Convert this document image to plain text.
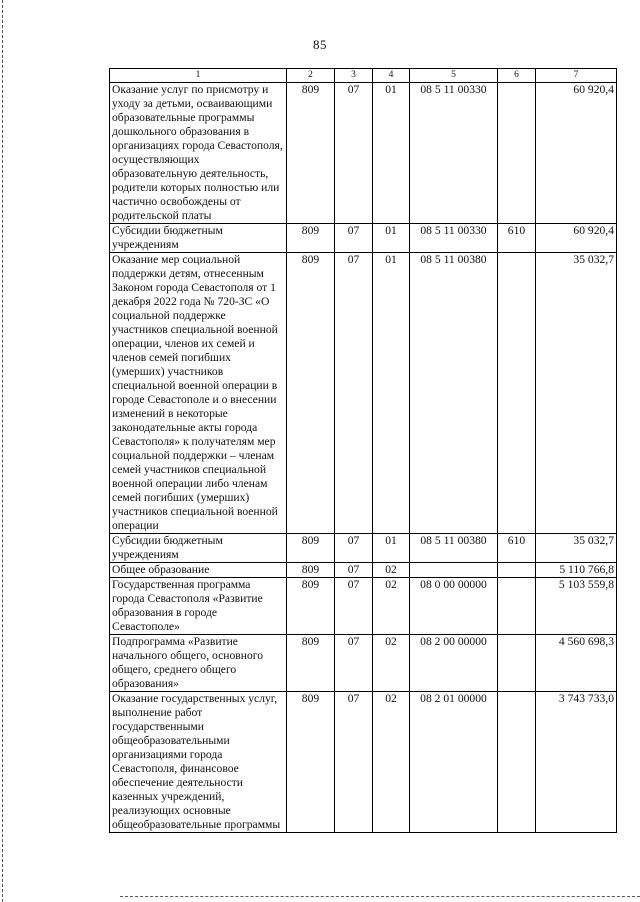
85
1	2	3	4	5	6	7
Оказание услуг по присмотру и уходу за детьми, осваивающими образовательные программы дошкольного образования в организациях города Севастополя, осуществляющих образовательную деятельность, родители которых полностью или частично освобождены от родительской платы	809	07	01	08 5 11 00330		60 920,4
Субсидии бюджетным учреждениям	809	07	01	08 5 11 00330	610	60 920,4
Оказание мер социальной поддержки детям, отнесенным Законом города Севастополя от 1 декабря 2022 года № 720-ЗС «О социальной поддержке участников специальной военной операции, членов их семей и членов семей погибших (умерших) участников специальной военной операции в городе Севастополе и о внесении изменений в некоторые законодательные акты города Севастополя» к получателям мер социальной поддержки – членам семей участников специальной военной операции либо членам семей погибших (умерших) участников специальной военной операции	809	07	01	08 5 11 00380		35 032,7
Субсидии бюджетным учреждениям	809	07	01	08 5 11 00380	610	35 032,7
Общее образование	809	07	02			5 110 766,8
Государственная программа города Севастополя «Развитие образования в городе Севастополе»	809	07	02	08 0 00 00000		5 103 559,8
Подпрограмма «Развитие начального общего, основного общего, среднего общего образования»	809	07	02	08 2 00 00000		4 560 698,3
Оказание государственных услуг, выполнение работ государственными общеобразовательными организациями города Севастополя, финансовое обеспечение деятельности казенных учреждений, реализующих основные общеобразовательные программы	809	07	02	08 2 01 00000		3 743 733,0
